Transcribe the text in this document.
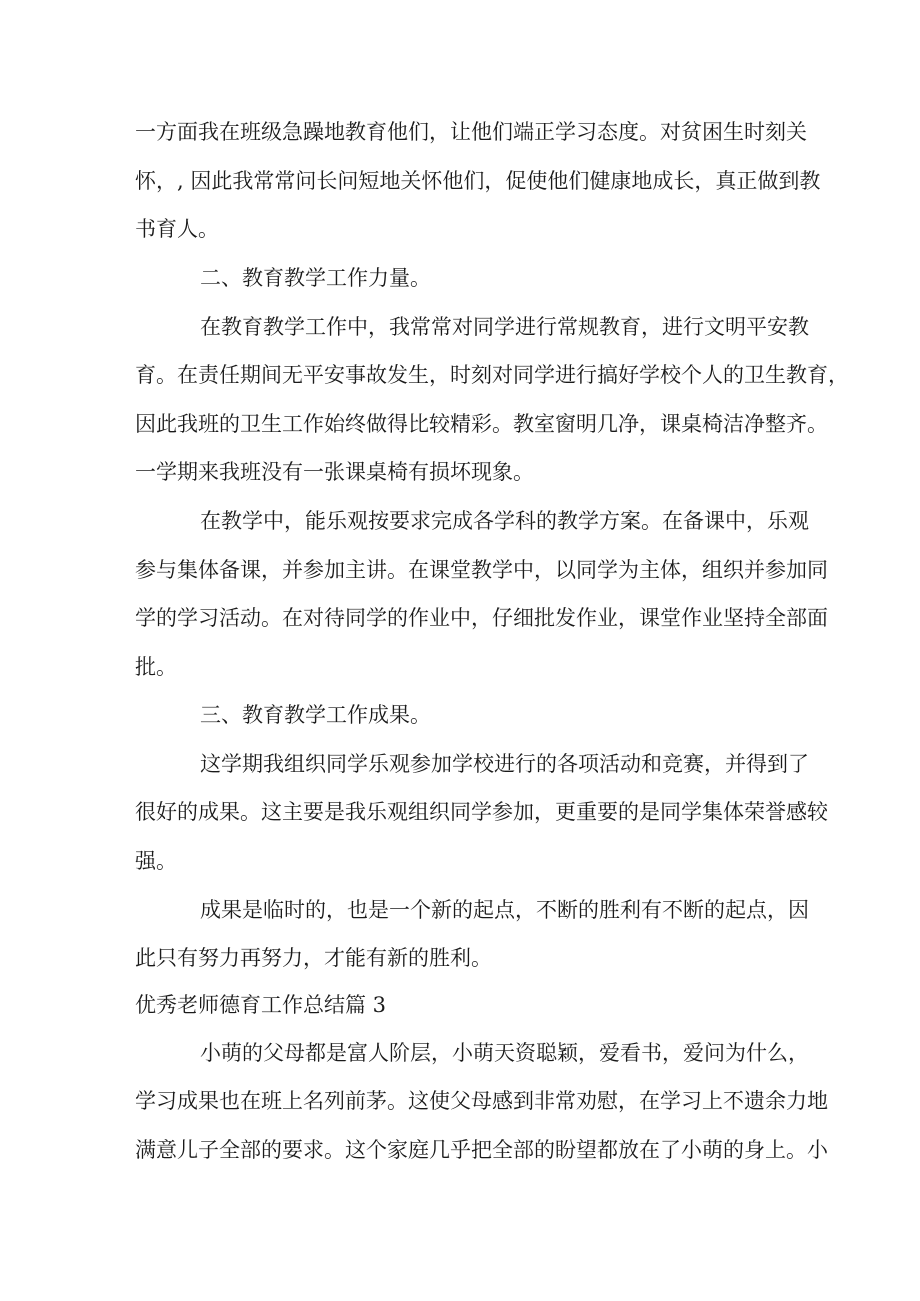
一方面我在班级急躁地教育他们，让他们端正学习态度。对贫困生时刻关
怀，, 因此我常常问长问短地关怀他们，促使他们健康地成长，真正做到教
书育人。
二、教育教学工作力量。
在教育教学工作中，我常常对同学进行常规教育，进行文明平安教
育。在责任期间无平安事故发生，时刻对同学进行搞好学校个人的卫生教育，
因此我班的卫生工作始终做得比较精彩。教室窗明几净，课桌椅洁净整齐。
一学期来我班没有一张课桌椅有损坏现象。
在教学中，能乐观按要求完成各学科的教学方案。在备课中，乐观
参与集体备课，并参加主讲。在课堂教学中，以同学为主体，组织并参加同
学的学习活动。在对待同学的作业中，仔细批发作业，课堂作业坚持全部面
批。
三、教育教学工作成果。
这学期我组织同学乐观参加学校进行的各项活动和竞赛，并得到了
很好的成果。这主要是我乐观组织同学参加，更重要的是同学集体荣誉感较
强。
成果是临时的，也是一个新的起点，不断的胜利有不断的起点，因
此只有努力再努力，才能有新的胜利。
优秀老师德育工作总结篇 3
小萌的父母都是富人阶层，小萌天资聪颖，爱看书，爱问为什么，
学习成果也在班上名列前茅。这使父母感到非常劝慰，在学习上不遗余力地
满意儿子全部的要求。这个家庭几乎把全部的盼望都放在了小萌的身上。小
